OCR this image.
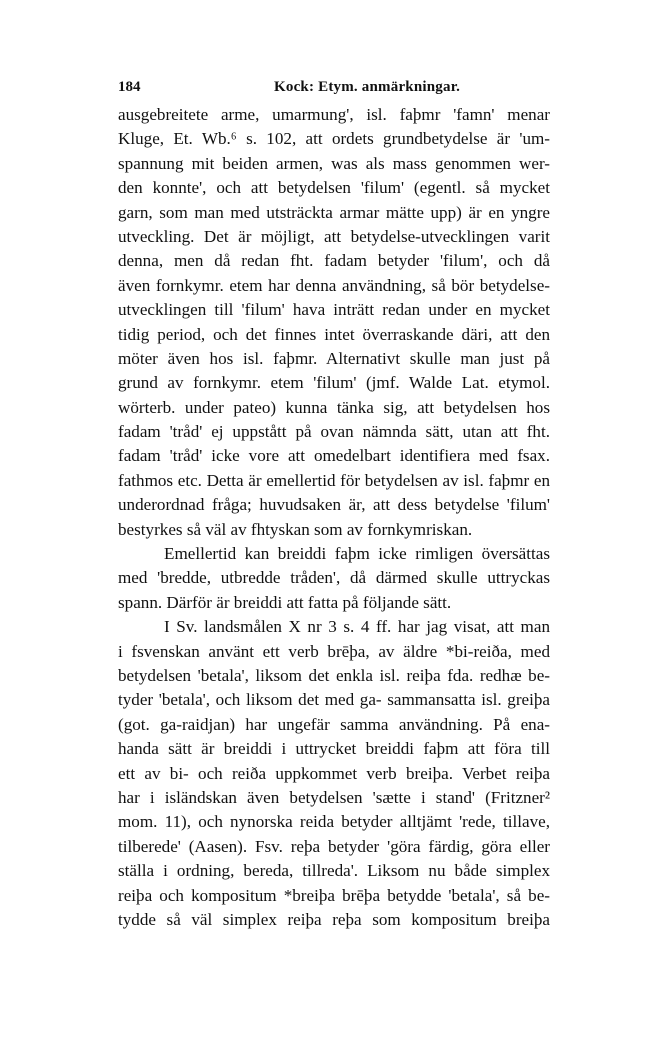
184	Kock: Etym. anmärkningar.
ausgebreitete arme, umarmung', isl. faþmr 'famn' menar
Kluge, Et. Wb.⁶ s. 102, att ordets grundbetydelse är 'um-
spannung mit beiden armen, was als mass genommen wer-
den konnte', och att betydelsen 'filum' (egentl. så mycket
garn, som man med utsträckta armar mätte upp) är en yngre
utveckling. Det är möjligt, att betydelse-utvecklingen varit
denna, men då redan fht. fadam betyder 'filum', och då
även fornkymr. etem har denna användning, så bör betydelse-
utvecklingen till 'filum' hava inträtt redan under en mycket
tidig period, och det finnes intet överraskande däri, att den
möter även hos isl. faþmr. Alternativt skulle man just på
grund av fornkymr. etem 'filum' (jmf. Walde Lat. etymol.
wörterb. under pateo) kunna tänka sig, att betydelsen hos
fadam 'tråd' ej uppstått på ovan nämnda sätt, utan att fht.
fadam 'tråd' icke vore att omedelbart identifiera med fsax.
fathmos etc. Detta är emellertid för betydelsen av isl. faþmr en
underordnad fråga; huvudsaken är, att dess betydelse 'filum'
bestyrkes så väl av fhtyskan som av fornkymriskan.
Emellertid kan breiddi faþm icke rimligen översättas
med 'bredde, utbredde tråden', då därmed skulle uttryckas
spann. Därför är breiddi att fatta på följande sätt.
I Sv. landsmålen X nr 3 s. 4 ff. har jag visat, att man
i fsvenskan använt ett verb brēþa, av äldre *bi-reiða, med
betydelsen 'betala', liksom det enkla isl. reiþa fda. redhæ be-
tyder 'betala', och liksom det med ga- sammansatta isl. greiþa
(got. ga-raidjan) har ungefär samma användning. På ena-
handa sätt är breiddi i uttrycket breiddi faþm att föra till
ett av bi- och reiða uppkommet verb breiþa. Verbet reiþa
har i isländskan även betydelsen 'sætte i stand' (Fritzner²
mom. 11), och nynorska reida betyder alltjämt 'rede, tillave,
tilberede' (Aasen). Fsv. reþa betyder 'göra färdig, göra eller
ställa i ordning, bereda, tillreda'. Liksom nu både simplex
reiþa och kompositum *breiþa brēþa betydde 'betala', så be-
tydde så väl simplex reiþa reþa som kompositum breiþa
